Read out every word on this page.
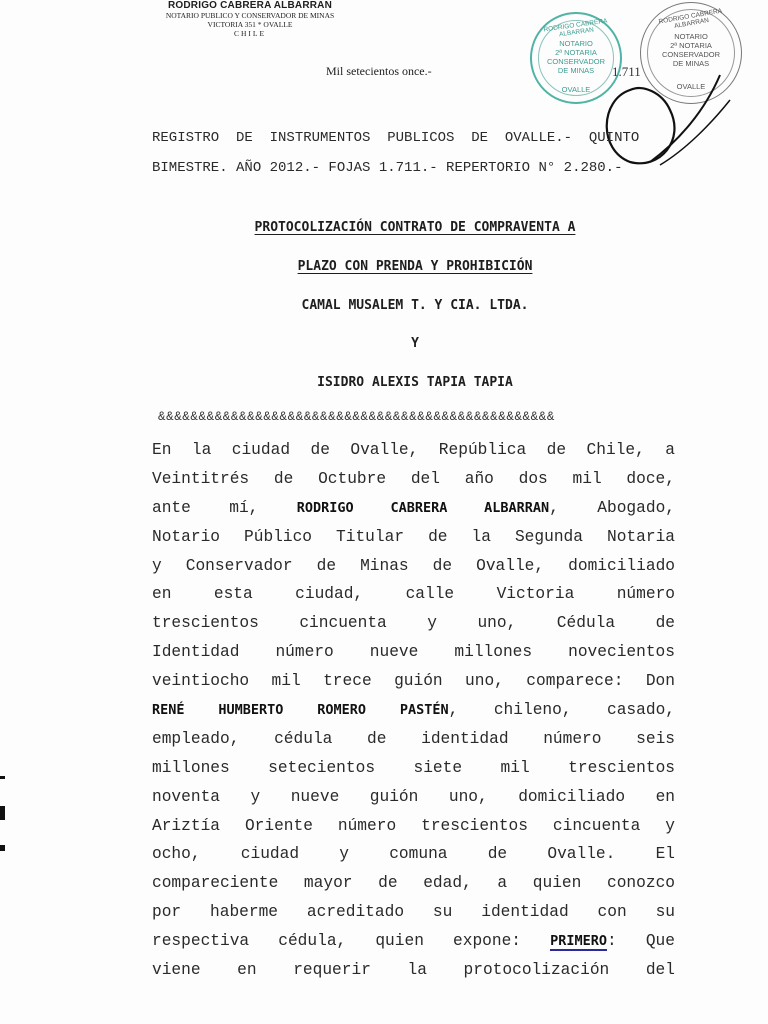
RODRIGO CABRERA ALBARRAN
NOTARIO PUBLICO Y CONSERVADOR DE MINAS
VICTORIA 351 * OVALLE
CHILE
Mil setecientos once.-
RODRIGO CABRERA ALBARRAN
NOTARIO
2ª NOTARIA
CONSERVADOR
DE MINAS
OVALLE
RODRIGO CABRERA ALBARRAN
NOTARIO
2ª NOTARIA
CONSERVADOR
DE MINAS
OVALLE
1.711
REGISTRO  DE  INSTRUMENTOS  PUBLICOS  DE  OVALLE.-  QUINTO
BIMESTRE. AÑO 2012.- FOJAS 1.711.- REPERTORIO N° 2.280.-
PROTOCOLIZACIÓN CONTRATO DE COMPRAVENTA A
PLAZO CON PRENDA Y PROHIBICIÓN
CAMAL MUSALEM T. Y CIA. LTDA.
Y
ISIDRO ALEXIS TAPIA TAPIA
&&&&&&&&&&&&&&&&&&&&&&&&&&&&&&&&&&&&&&&&&&&&&&&&&
En la ciudad de Ovalle, República de Chile, a
Veintitrés de Octubre del año dos mil doce,
ante mí,	RODRIGO CABRERA ALBARRAN, Abogado,
Notario Público Titular de la Segunda Notaria
y Conservador de Minas de Ovalle, domiciliado
en esta ciudad, calle Victoria número
trescientos cincuenta y uno, Cédula de
Identidad número nueve millones novecientos
veintiocho mil trece guión uno, comparece: Don
RENÉ HUMBERTO ROMERO PASTÉN, chileno, casado,
empleado, cédula de identidad número seis
millones setecientos siete mil trescientos
noventa y nueve guión uno, domiciliado en
Ariztía Oriente número trescientos cincuenta y
ocho, ciudad y comuna de Ovalle. El
compareciente mayor de edad, a quien conozco
por haberme acreditado su identidad con su
respectiva cédula, quien expone: PRIMERO: Que
viene en requerir la protocolización del
